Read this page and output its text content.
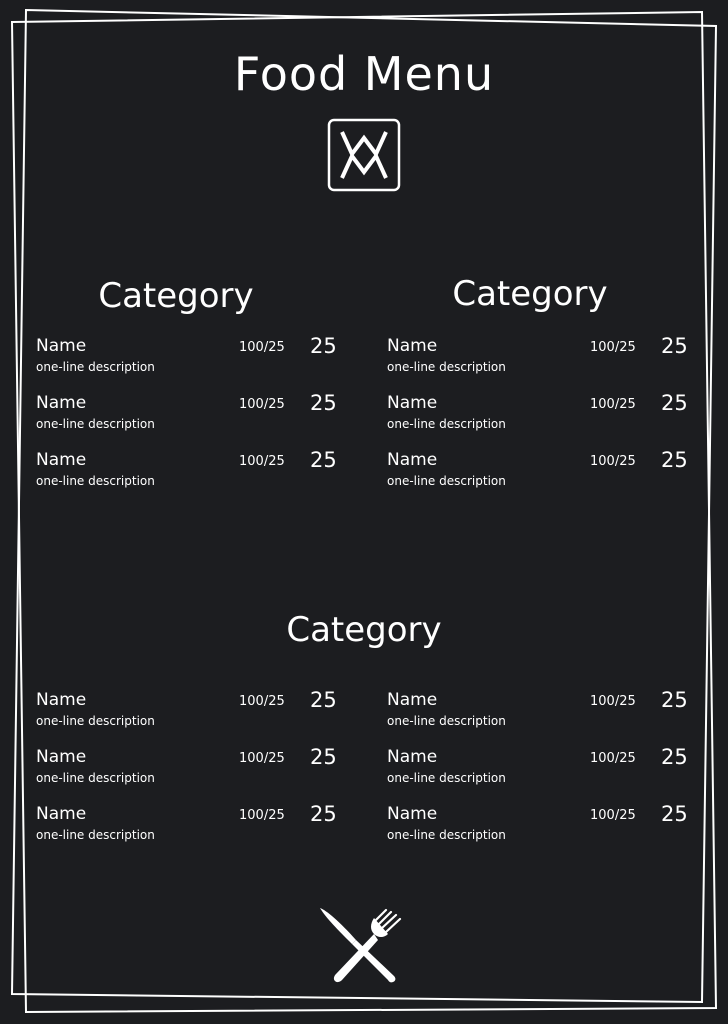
Food Menu
Category
Name
one-line description
100/25 25
Name
one-line description
100/25 25
Name
one-line description
100/25 25
Category
Name
one-line description
100/25 25
Name
one-line description
100/25 25
Name
one-line description
100/25 25
Category
Name
one-line description
100/25 25
Name
one-line description
100/25 25
Name
one-line description
100/25 25
Name
one-line description
100/25 25
Name
one-line description
100/25 25
Name
one-line description
100/25 25
